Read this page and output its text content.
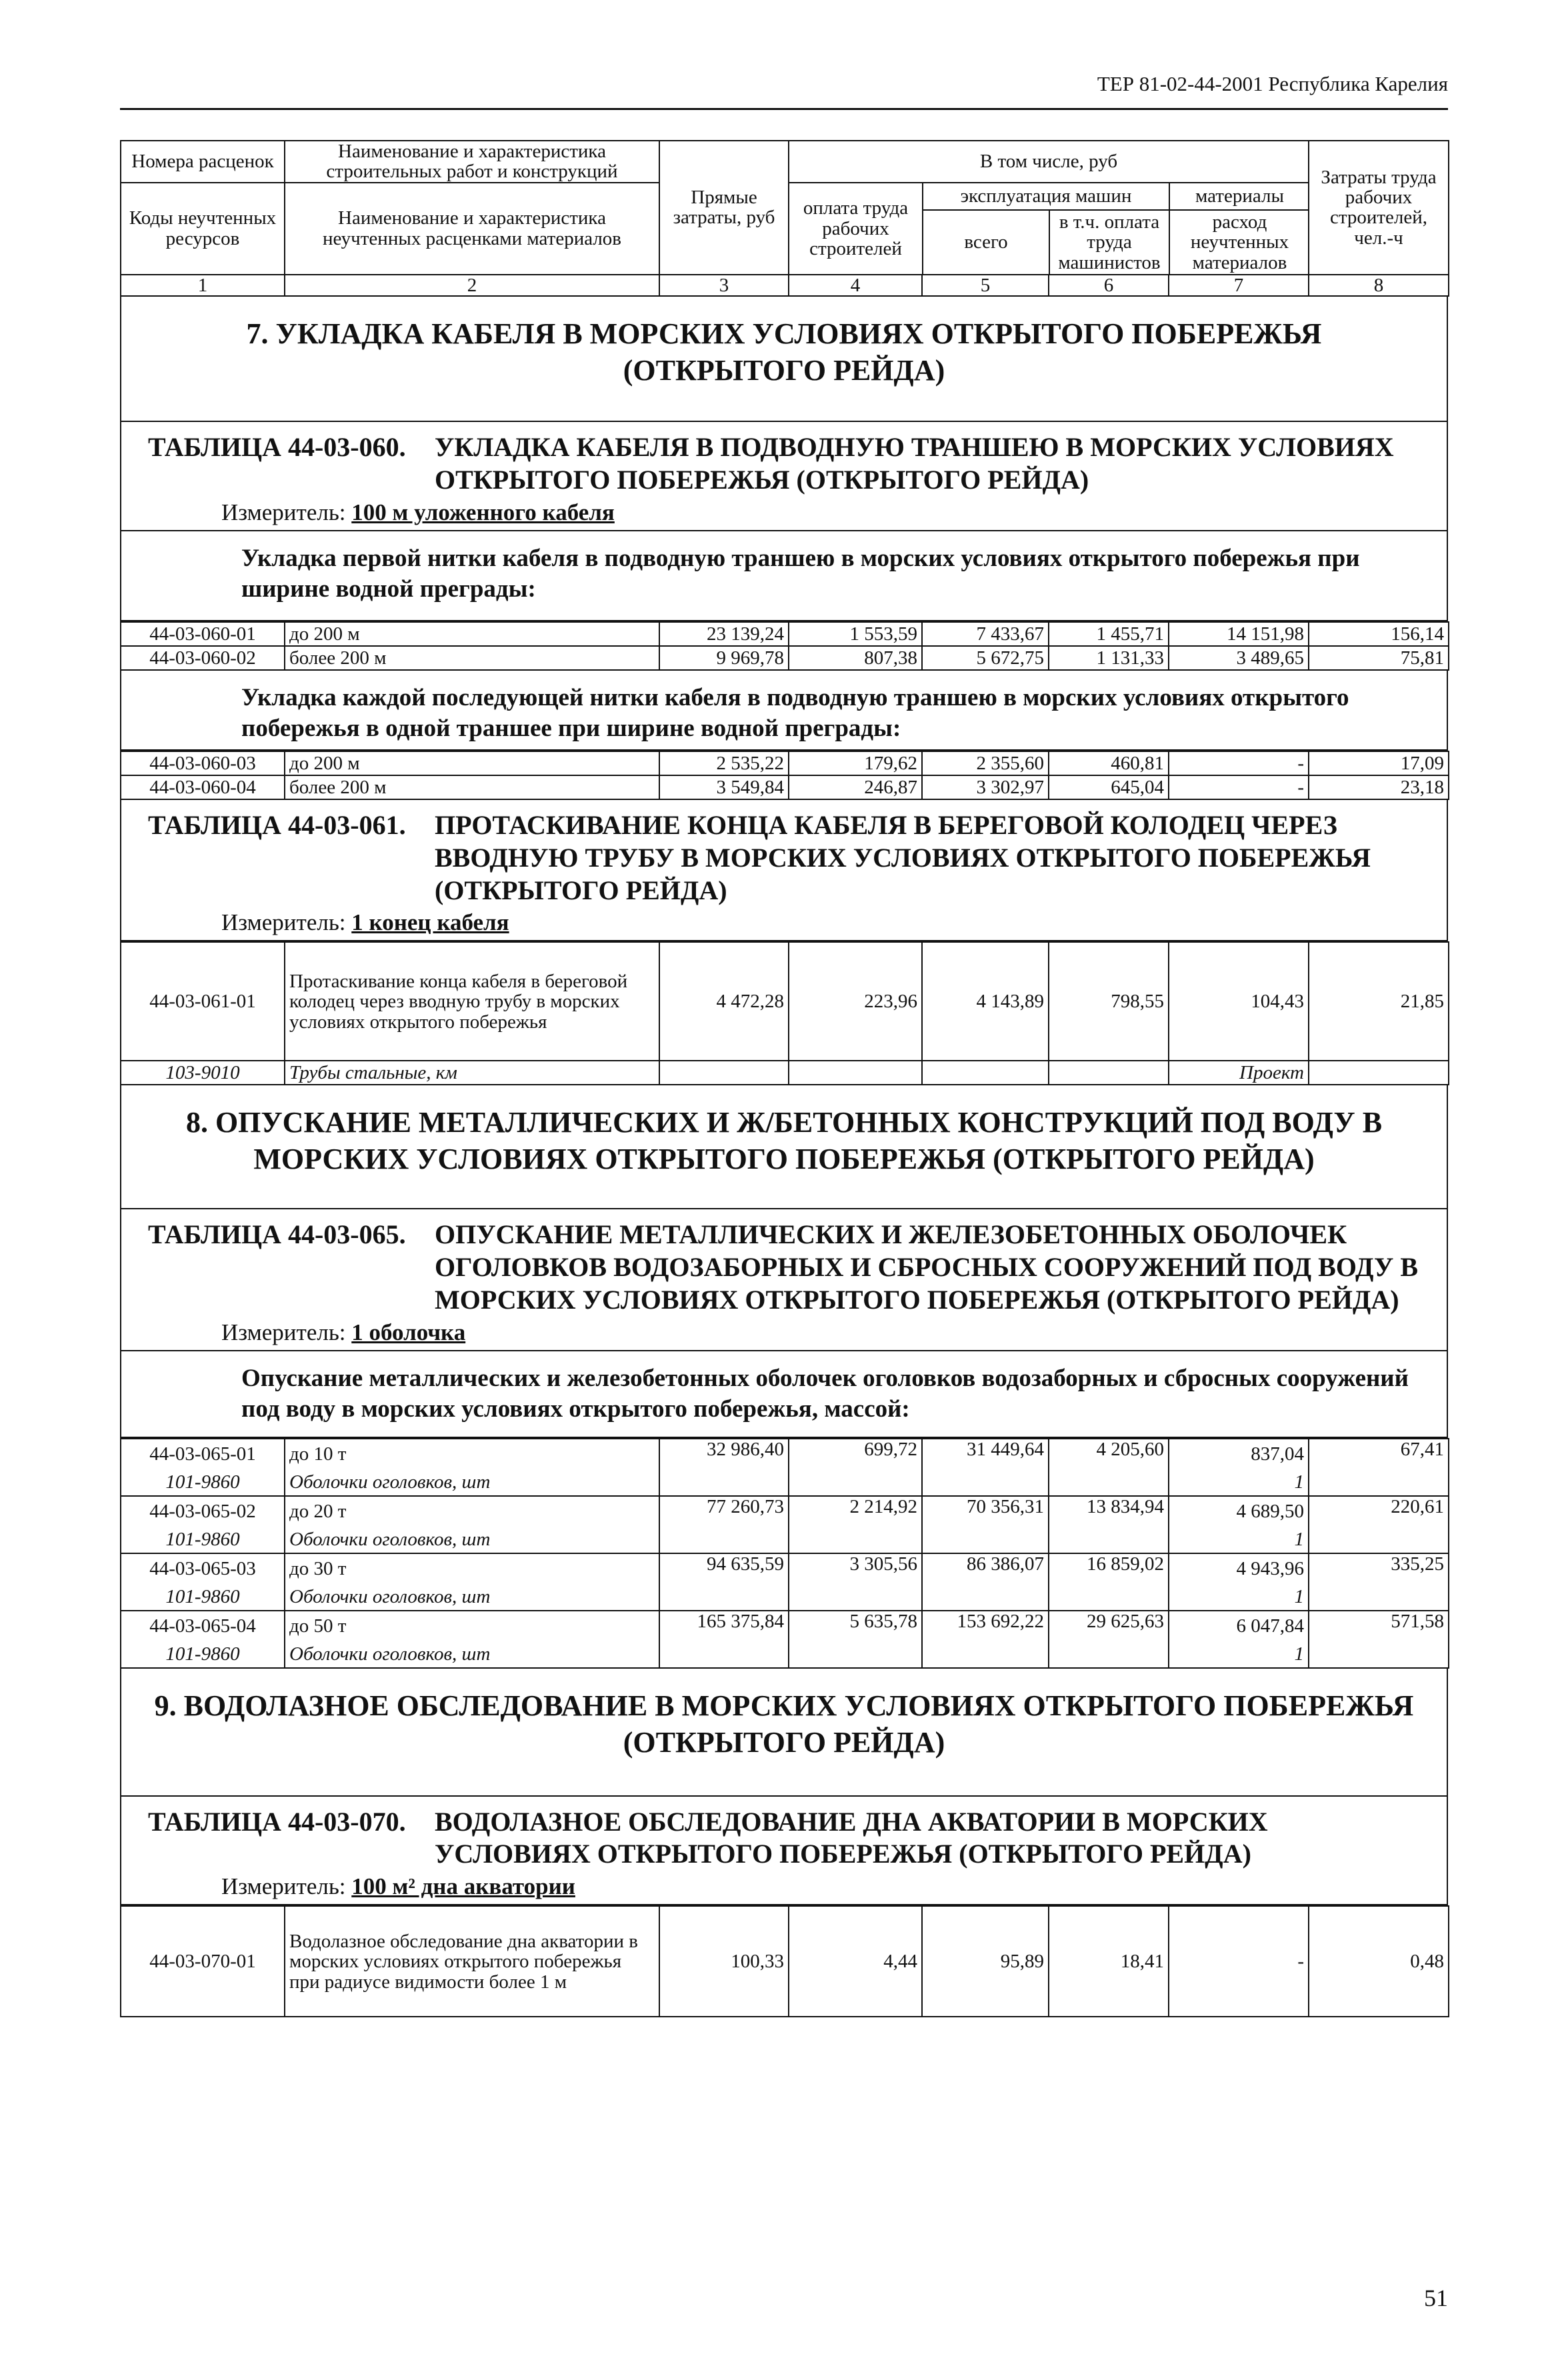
ТЕР 81-02-44-2001 Республика Карелия
Номера расценок	Наименование и характеристика строительных работ и конструкций	Прямые затраты, руб	В том числе, руб	Затраты труда рабочих строителей, чел.-ч
Коды неучтенных ресурсов	Наименование и характеристика неучтенных расценками материалов	
оплата труда рабочих строителей	эксплуатация машин	материалы
всего	в т.ч. оплата труда машинистов	расход неучтенных материалов

1	2	3	4	5	6	7	8
7. УКЛАДКА КАБЕЛЯ В МОРСКИХ УСЛОВИЯХ ОТКРЫТОГО ПОБЕРЕЖЬЯ (ОТКРЫТОГО РЕЙДА)
ТАБЛИЦА 44-03-060. УКЛАДКА КАБЕЛЯ В ПОДВОДНУЮ ТРАНШЕЮ В МОРСКИХ УСЛОВИЯХ ОТКРЫТОГО ПОБЕРЕЖЬЯ (ОТКРЫТОГО РЕЙДА)
Измеритель: 100 м уложенного кабеля
Укладка первой нитки кабеля в подводную траншею в морских условиях открытого побережья при ширине водной преграды:
44-03-060-01	до 200 м	23 139,24	1 553,59	7 433,67	1 455,71	14 151,98	156,14
44-03-060-02	более 200 м	9 969,78	807,38	5 672,75	1 131,33	3 489,65	75,81
Укладка каждой последующей нитки кабеля в подводную траншею в морских условиях открытого побережья в одной траншее при ширине водной преграды:
44-03-060-03	до 200 м	2 535,22	179,62	2 355,60	460,81	-	17,09
44-03-060-04	более 200 м	3 549,84	246,87	3 302,97	645,04	-	23,18
ТАБЛИЦА 44-03-061. ПРОТАСКИВАНИЕ КОНЦА КАБЕЛЯ В БЕРЕГОВОЙ КОЛОДЕЦ ЧЕРЕЗ ВВОДНУЮ ТРУБУ В МОРСКИХ УСЛОВИЯХ ОТКРЫТОГО ПОБЕРЕЖЬЯ (ОТКРЫТОГО РЕЙДА)
Измеритель: 1 конец кабеля
44-03-061-01	Протаскивание конца кабеля в береговой колодец через вводную трубу в морских условиях открытого побережья	4 472,28	223,96	4 143,89	798,55	104,43	21,85
103-9010	Трубы стальные, км					Проект	
8. ОПУСКАНИЕ МЕТАЛЛИЧЕСКИХ И Ж/БЕТОННЫХ КОНСТРУКЦИЙ ПОД ВОДУ В МОРСКИХ УСЛОВИЯХ ОТКРЫТОГО ПОБЕРЕЖЬЯ (ОТКРЫТОГО РЕЙДА)
ТАБЛИЦА 44-03-065. ОПУСКАНИЕ МЕТАЛЛИЧЕСКИХ И ЖЕЛЕЗОБЕТОННЫХ ОБОЛОЧЕК ОГОЛОВКОВ ВОДОЗАБОРНЫХ И СБРОСНЫХ СООРУЖЕНИЙ ПОД ВОДУ В МОРСКИХ УСЛОВИЯХ ОТКРЫТОГО ПОБЕРЕЖЬЯ (ОТКРЫТОГО РЕЙДА)
Измеритель: 1 оболочка
Опускание металлических и железобетонных оболочек оголовков водозаборных и сбросных сооружений под воду в морских условиях открытого побережья, массой:
44-03-065-01	до 10 т	32 986,40	699,72	31 449,64	4 205,60	837,04	67,41
101-9860	Оболочки оголовков, шт					1	
44-03-065-02	до 20 т	77 260,73	2 214,92	70 356,31	13 834,94	4 689,50	220,61
101-9860	Оболочки оголовков, шт					1	
44-03-065-03	до 30 т	94 635,59	3 305,56	86 386,07	16 859,02	4 943,96	335,25
101-9860	Оболочки оголовков, шт					1	
44-03-065-04	до 50 т	165 375,84	5 635,78	153 692,22	29 625,63	6 047,84	571,58
101-9860	Оболочки оголовков, шт					1	
9. ВОДОЛАЗНОЕ ОБСЛЕДОВАНИЕ В МОРСКИХ УСЛОВИЯХ ОТКРЫТОГО ПОБЕРЕЖЬЯ (ОТКРЫТОГО РЕЙДА)
ТАБЛИЦА 44-03-070. ВОДОЛАЗНОЕ ОБСЛЕДОВАНИЕ ДНА АКВАТОРИИ В МОРСКИХ УСЛОВИЯХ ОТКРЫТОГО ПОБЕРЕЖЬЯ (ОТКРЫТОГО РЕЙДА)
Измеритель: 100 м² дна акватории
44-03-070-01	Водолазное обследование дна акватории в морских условиях открытого побережья при радиусе видимости более 1 м	100,33	4,44	95,89	18,41	-	0,48
51
